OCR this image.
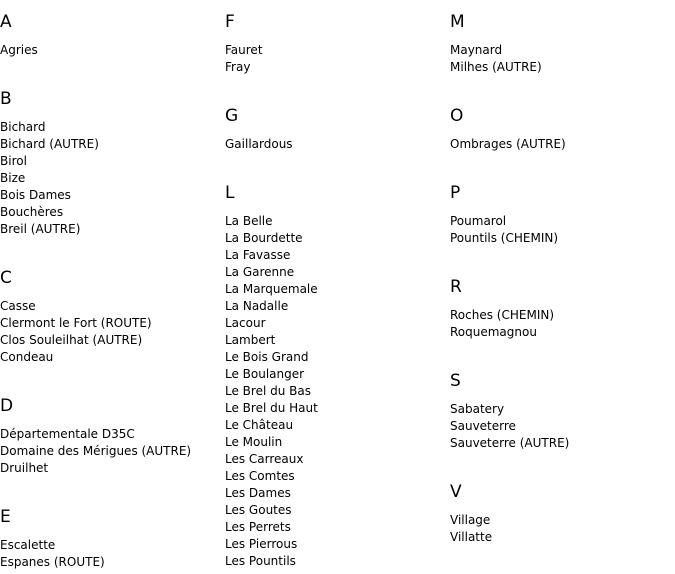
A
Agries
B
Bichard
Bichard (AUTRE)
Birol
Bize
Bois Dames
Bouchères
Breil (AUTRE)
C
Casse
Clermont le Fort (ROUTE)
Clos Souleilhat (AUTRE)
Condeau
D
Départementale D35C
Domaine des Mérigues (AUTRE)
Druilhet
E
Escalette
Espanes (ROUTE)
F
Fauret
Fray
G
Gaillardous
L
La Belle
La Bourdette
La Favasse
La Garenne
La Marquemale
La Nadalle
Lacour
Lambert
Le Bois Grand
Le Boulanger
Le Brel du Bas
Le Brel du Haut
Le Château
Le Moulin
Les Carreaux
Les Comtes
Les Dames
Les Goutes
Les Perrets
Les Pierrous
Les Pountils
M
Maynard
Milhes (AUTRE)
O
Ombrages (AUTRE)
P
Poumarol
Pountils (CHEMIN)
R
Roches (CHEMIN)
Roquemagnou
S
Sabatery
Sauveterre
Sauveterre (AUTRE)
V
Village
Villatte
